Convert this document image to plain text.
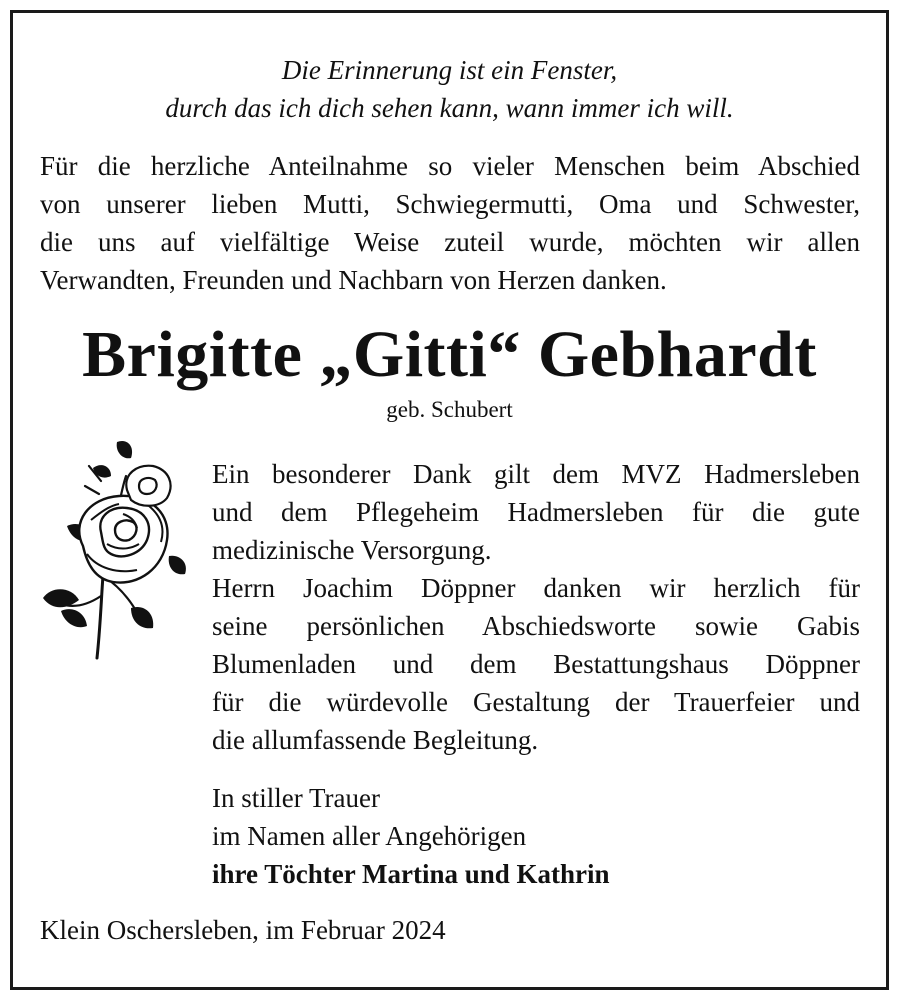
Die Erinnerung ist ein Fenster,
durch das ich dich sehen kann, wann immer ich will.
Für die herzliche Anteilnahme so vieler Menschen beim Abschied
von unserer lieben Mutti, Schwiegermutti, Oma und Schwester,
die uns auf vielfältige Weise zuteil wurde, möchten wir allen
Verwandten, Freunden und Nachbarn von Herzen danken.
Brigitte „Gitti“ Gebhardt
geb. Schubert
Ein besonderer Dank gilt dem MVZ Hadmersleben
und dem Pflegeheim Hadmersleben für die gute
medizinische Versorgung.
Herrn Joachim Döppner danken wir herzlich für
seine persönlichen Abschiedsworte sowie Gabis
Blumenladen und dem Bestattungshaus Döppner
für die würdevolle Gestaltung der Trauerfeier und
die allumfassende Begleitung.
In stiller Trauer
im Namen aller Angehörigen
ihre Töchter Martina und Kathrin
Klein Oschersleben, im Februar 2024
